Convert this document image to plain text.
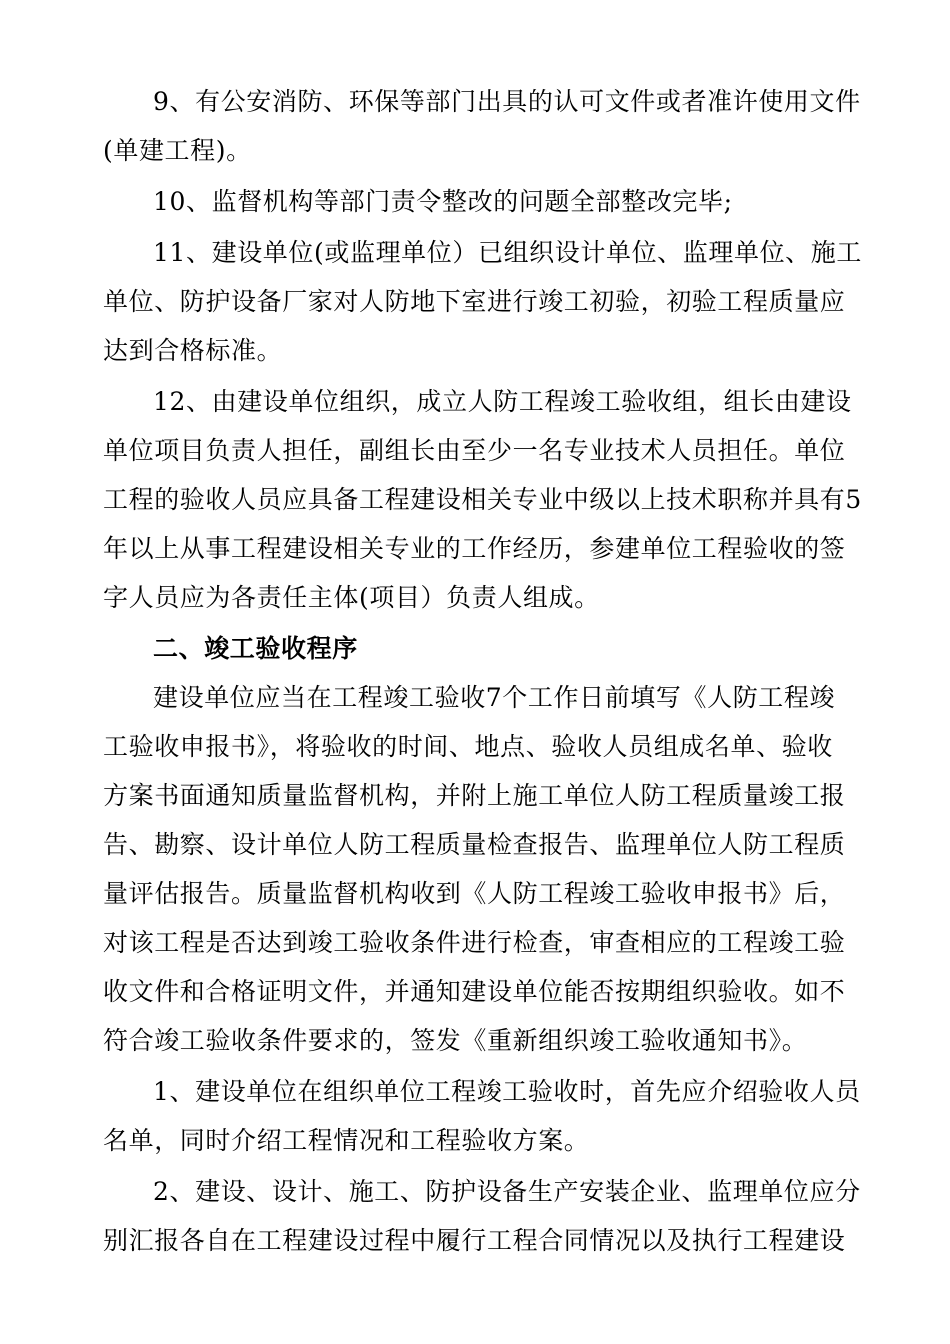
9、有公安消防、环保等部门出具的认可文件或者准许使用文件
(单建工程)。
10、监督机构等部门责令整改的问题全部整改完毕;
11、建设单位(或监理单位）已组织设计单位、监理单位、施工
单位、防护设备厂家对人防地下室进行竣工初验，初验工程质量应
达到合格标准。
12、由建设单位组织，成立人防工程竣工验收组，组长由建设
单位项目负责人担任，副组长由至少一名专业技术人员担任。单位
工程的验收人员应具备工程建设相关专业中级以上技术职称并具有5
年以上从事工程建设相关专业的工作经历，参建单位工程验收的签
字人员应为各责任主体(项目）负责人组成。
二、竣工验收程序
建设单位应当在工程竣工验收7个工作日前填写《人防工程竣
工验收申报书》，将验收的时间、地点、验收人员组成名单、验收
方案书面通知质量监督机构，并附上施工单位人防工程质量竣工报
告、勘察、设计单位人防工程质量检查报告、监理单位人防工程质
量评估报告。质量监督机构收到《人防工程竣工验收申报书》后，
对该工程是否达到竣工验收条件进行检查，审查相应的工程竣工验
收文件和合格证明文件，并通知建设单位能否按期组织验收。如不
符合竣工验收条件要求的，签发《重新组织竣工验收通知书》。
1、建设单位在组织单位工程竣工验收时，首先应介绍验收人员
名单，同时介绍工程情况和工程验收方案。
2、建设、设计、施工、防护设备生产安装企业、监理单位应分
别汇报各自在工程建设过程中履行工程合同情况以及执行工程建设
